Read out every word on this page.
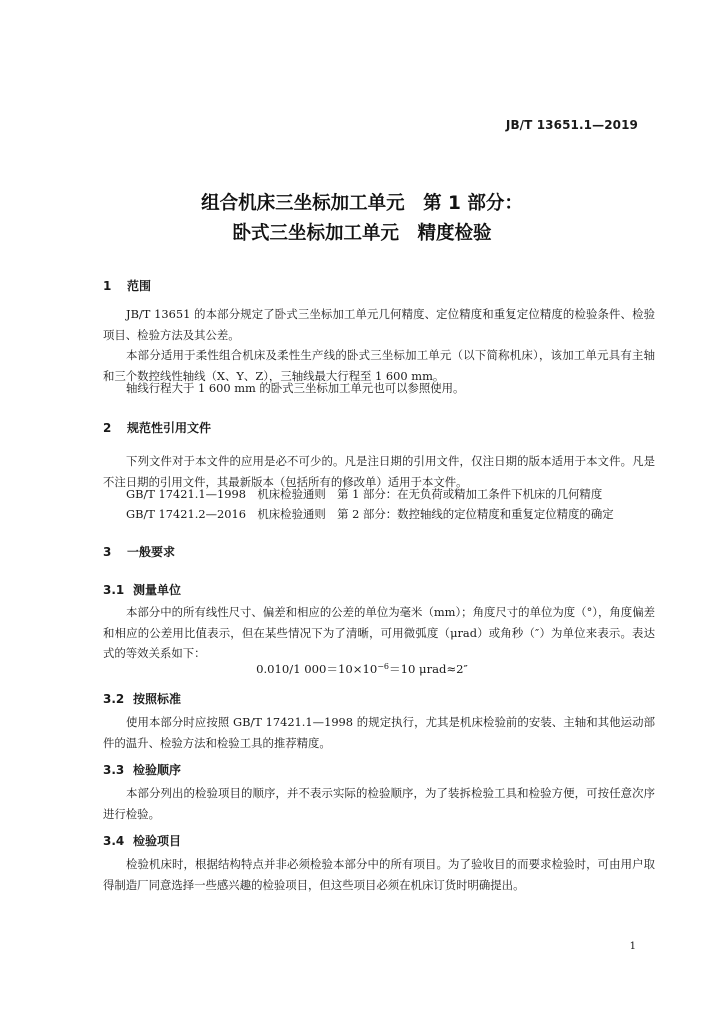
JB/T 13651.1—2019
组合机床三坐标加工单元　第 1 部分：
卧式三坐标加工单元　精度检验
1 范围

JB/T 13651 的本部分规定了卧式三坐标加工单元几何精度、定位精度和重复定位精度的检验条件、检验项目、检验方法及其公差。

本部分适用于柔性组合机床及柔性生产线的卧式三坐标加工单元（以下简称机床），该加工单元具有主轴和三个数控线性轴线（X、Y、Z），三轴线最大行程至 1 600 mm。

轴线行程大于 1 600 mm 的卧式三坐标加工单元也可以参照使用。

2 规范性引用文件

下列文件对于本文件的应用是必不可少的。凡是注日期的引用文件，仅注日期的版本适用于本文件。凡是不注日期的引用文件，其最新版本（包括所有的修改单）适用于本文件。

GB/T 17421.1—1998　机床检验通则　第 1 部分：在无负荷或精加工条件下机床的几何精度

GB/T 17421.2—2016　机床检验通则　第 2 部分：数控轴线的定位精度和重复定位精度的确定

3 一般要求
3.1 测量单位

本部分中的所有线性尺寸、偏差和相应的公差的单位为毫米（mm）；角度尺寸的单位为度（°），角度偏差和相应的公差用比值表示，但在某些情况下为了清晰，可用微弧度（μrad）或角秒（″）为单位来表示。表达式的等效关系如下：

0.010/1 $000=10\times 10^{-6}=10$ μrad≈2″
3.2 按照标准

使用本部分时应按照 GB/T 17421.1—1998 的规定执行，尤其是机床检验前的安装、主轴和其他运动部件的温升、检验方法和检验工具的推荐精度。

3.3 检验顺序

本部分列出的检验项目的顺序，并不表示实际的检验顺序，为了装拆检验工具和检验方便，可按任意次序进行检验。

3.4 检验项目

检验机床时，根据结构特点并非必须检验本部分中的所有项目。为了验收目的而要求检验时，可由用户取得制造厂同意选择一些感兴趣的检验项目，但这些项目必须在机床订货时明确提出。

1
